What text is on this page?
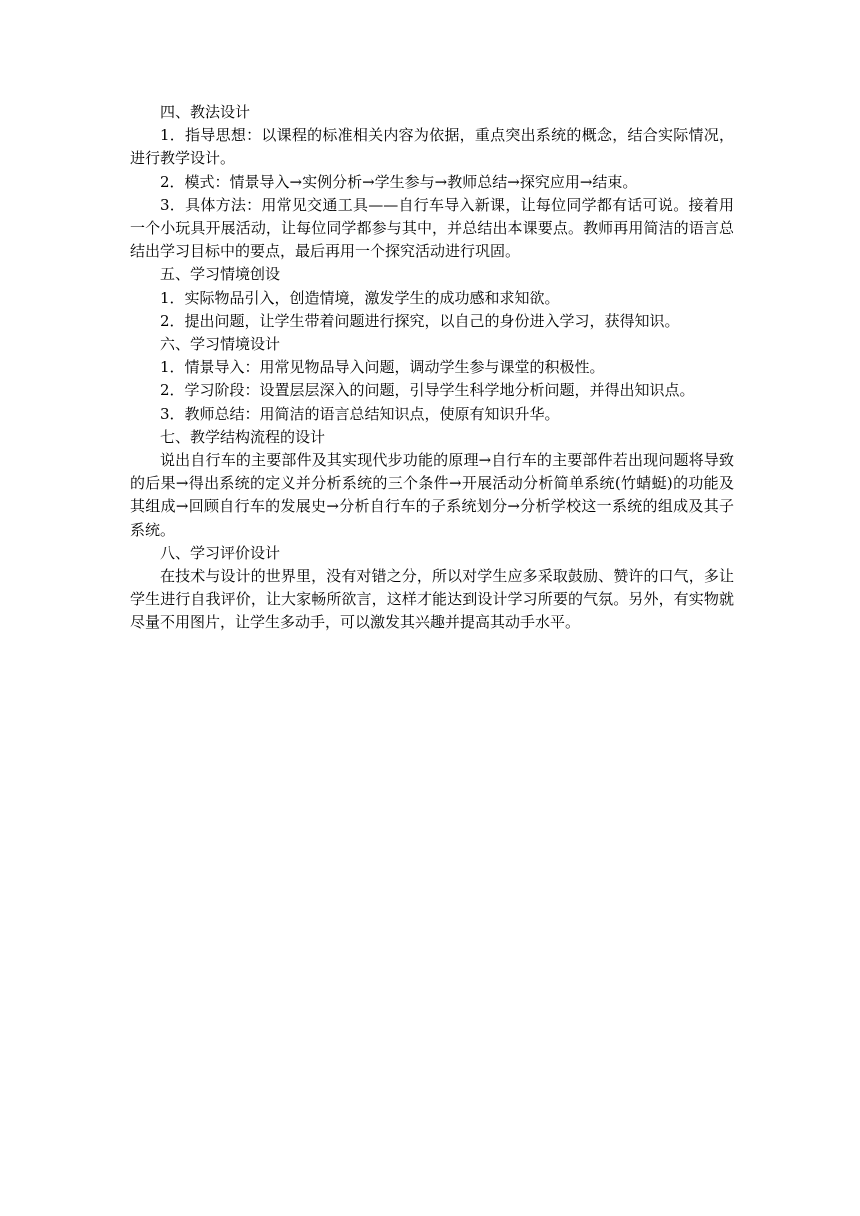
四、教法设计

1．指导思想：以课程的标准相关内容为依据，重点突出系统的概念，结合实际情况，进行教学设计。

2．模式：情景导入→实例分析→学生参与→教师总结→探究应用→结束。

3．具体方法：用常见交通工具——自行车导入新课，让每位同学都有话可说。接着用一个小玩具开展活动，让每位同学都参与其中，并总结出本课要点。教师再用简洁的语言总结出学习目标中的要点，最后再用一个探究活动进行巩固。

五、学习情境创设

1．实际物品引入，创造情境，激发学生的成功感和求知欲。

2．提出问题，让学生带着问题进行探究，以自己的身份进入学习，获得知识。

六、学习情境设计

1．情景导入：用常见物品导入问题，调动学生参与课堂的积极性。

2．学习阶段：设置层层深入的问题，引导学生科学地分析问题，并得出知识点。

3．教师总结：用简洁的语言总结知识点，使原有知识升华。

七、教学结构流程的设计

说出自行车的主要部件及其实现代步功能的原理→自行车的主要部件若出现问题将导致的后果→得出系统的定义并分析系统的三个条件→开展活动分析简单系统(竹蜻蜓)的功能及其组成→回顾自行车的发展史→分析自行车的子系统划分→分析学校这一系统的组成及其子系统。

八、学习评价设计

在技术与设计的世界里，没有对错之分，所以对学生应多采取鼓励、赞许的口气，多让学生进行自我评价，让大家畅所欲言，这样才能达到设计学习所要的气氛。另外，有实物就尽量不用图片，让学生多动手，可以激发其兴趣并提高其动手水平。
